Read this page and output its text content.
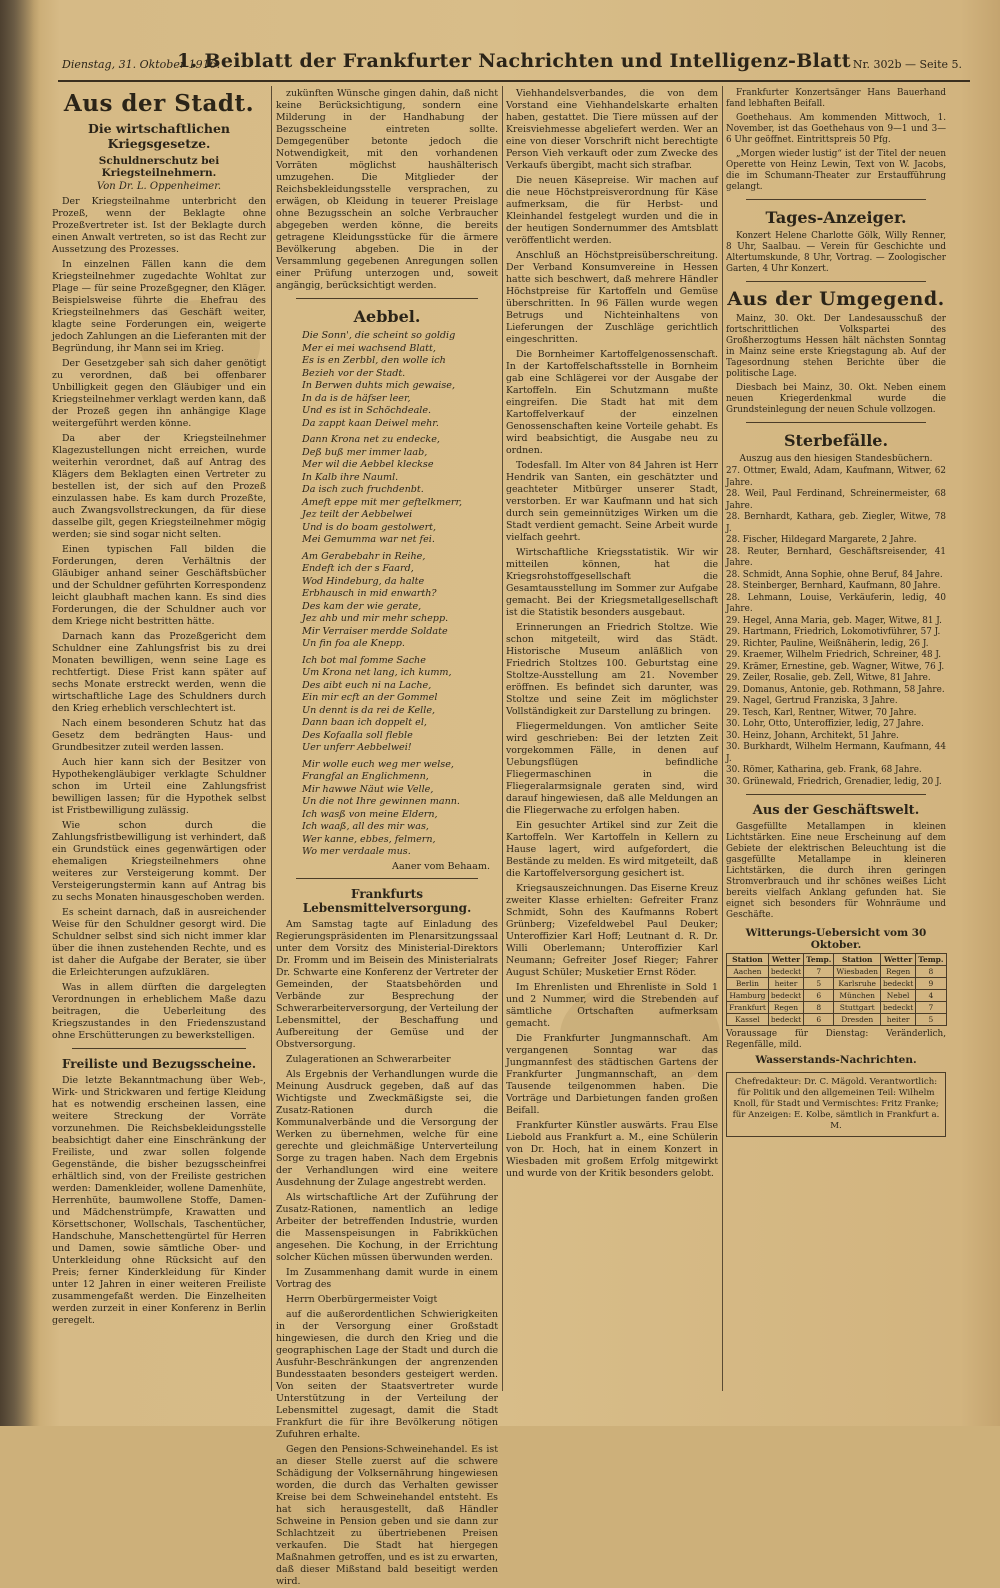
Dienstag, 31. Oktober 1916.
1. Beiblatt der Frankfurter Nachrichten und Intelligenz-Blatt Nr. 302b — Seite 5.
Aus der Stadt.
Die wirtschaftlichen Kriegsgesetze.
Schuldnerschutz bei Kriegsteilnehmern.
Von Dr. L. Oppenheimer.

Der Kriegsteilnahme unterbricht den Prozeß, wenn der Beklagte ohne Prozeßvertreter ist. Ist der Beklagte durch einen Anwalt vertreten, so ist das Recht zur Aussetzung des Prozesses.

In einzelnen Fällen kann die dem Kriegsteilnehmer zugedachte Wohltat zur Plage — für seine Prozeßgegner, den Kläger. Beispielsweise führte die Ehefrau des Kriegsteilnehmers das Geschäft weiter, klagte seine Forderungen ein, weigerte jedoch Zahlungen an die Lieferanten mit der Begründung, ihr Mann sei im Krieg.

Der Gesetzgeber sah sich daher genötigt zu verordnen, daß bei offenbarer Unbilligkeit gegen den Gläubiger und ein Kriegsteilnehmer verklagt werden kann, daß der Prozeß gegen ihn anhängige Klage weitergeführt werden könne.

Da aber der Kriegsteilnehmer Klagezustellungen nicht erreichen, wurde weiterhin verordnet, daß auf Antrag des Klägers dem Beklagten einen Vertreter zu bestellen ist, der sich auf den Prozeß einzulassen habe. Es kam durch Prozeßte, auch Zwangsvollstreckungen, da für diese dasselbe gilt, gegen Kriegsteilnehmer mögig werden; sie sind sogar nicht selten.

Einen typischen Fall bilden die Forderungen, deren Verhältnis der Gläubiger anhand seiner Geschäftsbücher und der Schuldner geführten Korrespondenz leicht glaubhaft machen kann. Es sind dies Forderungen, die der Schuldner auch vor dem Kriege nicht bestritten hätte.

Darnach kann das Prozeßgericht dem Schuldner eine Zahlungsfrist bis zu drei Monaten bewilligen, wenn seine Lage es rechtfertigt. Diese Frist kann später auf sechs Monate erstreckt werden, wenn die wirtschaftliche Lage des Schuldners durch den Krieg erheblich verschlechtert ist.

Nach einem besonderen Schutz hat das Gesetz dem bedrängten Haus- und Grundbesitzer zuteil werden lassen.

Auch hier kann sich der Besitzer von Hypothekengläubiger verklagte Schuldner schon im Urteil eine Zahlungsfrist bewilligen lassen; für die Hypothek selbst ist Fristbewilligung zulässig.

Wie schon durch die Zahlungsfristbewilligung ist verhindert, daß ein Grundstück eines gegenwärtigen oder ehemaligen Kriegsteilnehmers ohne weiteres zur Versteigerung kommt. Der Versteigerungstermin kann auf Antrag bis zu sechs Monaten hinausgeschoben werden.

Es scheint darnach, daß in ausreichender Weise für den Schuldner gesorgt wird. Die Schuldner selbst sind sich nicht immer klar über die ihnen zustehenden Rechte, und es ist daher die Aufgabe der Berater, sie über die Erleichterungen aufzuklären.

Was in allem dürften die dargelegten Verordnungen in erheblichem Maße dazu beitragen, die Ueberleitung des Kriegszustandes in den Friedenszustand ohne Erschütterungen zu bewerkstelligen.

Freiliste und Bezugsscheine.

Die letzte Bekanntmachung über Web-, Wirk- und Strickwaren und fertige Kleidung hat es notwendig erscheinen lassen, eine weitere Streckung der Vorräte vorzunehmen. Die Reichsbekleidungsstelle beabsichtigt daher eine Einschränkung der Freiliste, und zwar sollen folgende Gegenstände, die bisher bezugsscheinfrei erhältlich sind, von der Freiliste gestrichen werden: Damenkleider, wollene Damenhüte, Herrenhüte, baumwollene Stoffe, Damen- und Mädchenstrümpfe, Krawatten und Körsettschoner, Wollschals, Taschentücher, Handschuhe, Manschettengürtel für Herren und Damen, sowie sämtliche Ober- und Unterkleidung ohne Rücksicht auf den Preis; ferner Kinderkleidung für Kinder unter 12 Jahren in einer weiteren Freiliste zusammengefaßt werden. Die Einzelheiten werden zurzeit in einer Konferenz in Berlin geregelt.

zukünften Wünsche gingen dahin, daß nicht keine Berücksichtigung, sondern eine Milderung in der Handhabung der Bezugsscheine eintreten sollte. Demgegenüber betonte jedoch die Notwendigkeit, mit den vorhandenen Vorräten möglichst haushälterisch umzugehen. Die Mitglieder der Reichsbekleidungsstelle versprachen, zu erwägen, ob Kleidung in teuerer Preislage ohne Bezugsschein an solche Verbraucher abgegeben werden könne, die bereits getragene Kleidungsstücke für die ärmere Bevölkerung abgeben. Die in der Versammlung gegebenen Anregungen sollen einer Prüfung unterzogen und, soweit angängig, berücksichtigt werden.

Aebbel.
Die Sonn', die scheint so goldig
Mer ei mei wachsend Blatt,
Es is en Zerbbl, den wolle ich
Bezieh vor der Stadt.
In Berwen duhts mich gewaise,
In da is de häfser leer,
Und es ist in Schöchdeale.
Da zappt kaan Deiwel mehr.
Dann Krona net zu endecke,
Deß buß mer immer laab,
Mer wil die Aebbel kleckse
In Kalb ihre Nauml.
Da isch zuch fruchdenbt.
Ameft eppe mit mer geftelkmerr,
Jez teilt der Aebbelwei
Und is do boam gestolwert,
Mei Gemumma war net fei.
Am Gerabebahr in Reihe,
Endeft ich der s Faard,
Wod Hindeburg, da halte
Erbhausch in mid enwarth?
Des kam der wie gerate,
Jez ahb und mir mehr schepp.
Mir Verraiser merdde Soldate
Un fin foa ale Knepp.
Ich bot mal fomme Sache
Um Krona net lang, ich kumm,
Des aibt euch ni na Lache,
Ein mir ecft an der Gommel
Un dennt is da rei de Kelle,
Dann baan ich doppelt el,
Des Kofaalla soll fleble
Uer unferr Aebbelwei!
Mir wolle euch weg mer welse,
Frangfal an Englichmenn,
Mir hawwe Näut wie Velle,
Un die not Ihre gewinnen mann.
Ich wasß von meine Eldern,
Ich waaß, all des mir was,
Wer kanne, ebbes, felmern,
Wo mer verdaale mus.
Aaner vom Behaam.
Frankfurts Lebensmittelversorgung.

Am Samstag tagte auf Einladung des Regierungspräsidenten im Plenarsitzungssaal unter dem Vorsitz des Ministerial-Direktors Dr. Fromm und im Beisein des Ministerialrats Dr. Schwarte eine Konferenz der Vertreter der Gemeinden, der Staatsbehörden und Verbände zur Besprechung der Schwerarbeiterversorgung, der Verteilung der Lebensmittel, der Beschaffung und Aufbereitung der Gemüse und der Obstversorgung.

Zulagerationen an Schwerarbeiter

Als Ergebnis der Verhandlungen wurde die Meinung Ausdruck gegeben, daß auf das Wichtigste und Zweckmäßigste sei, die Zusatz-Rationen durch die Kommunalverbände und die Versorgung der Werken zu übernehmen, welche für eine gerechte und gleichmäßige Unterverteilung Sorge zu tragen haben. Nach dem Ergebnis der Verhandlungen wird eine weitere Ausdehnung der Zulage angestrebt werden.

Als wirtschaftliche Art der Zuführung der Zusatz-Rationen, namentlich an ledige Arbeiter der betreffenden Industrie, wurden die Massenspeisungen in Fabrikküchen angesehen. Die Kochung, in der Errichtung solcher Küchen müssen überwunden werden.

Im Zusammenhang damit wurde in einem Vortrag des

Herrn Oberbürgermeister Voigt

auf die außerordentlichen Schwierigkeiten in der Versorgung einer Großstadt hingewiesen, die durch den Krieg und die geographischen Lage der Stadt und durch die Ausfuhr-Beschränkungen der angrenzenden Bundesstaaten besonders gesteigert werden. Von seiten der Staatsvertreter wurde Unterstützung in der Verteilung der Lebensmittel zugesagt, damit die Stadt Frankfurt die für ihre Bevölkerung nötigen Zufuhren erhalte.

Gegen den Pensions-Schweinehandel. Es ist an dieser Stelle zuerst auf die schwere Schädigung der Volksernährung hingewiesen worden, die durch das Verhalten gewisser Kreise bei dem Schweinehandel entsteht. Es hat sich herausgestellt, daß Händler Schweine in Pension geben und sie dann zur Schlachtzeit zu übertriebenen Preisen verkaufen. Die Stadt hat hiergegen Maßnahmen getroffen, und es ist zu erwarten, daß dieser Mißstand bald beseitigt werden wird.

Viehhandelsverbandes, die von dem Vorstand eine Viehhandelskarte erhalten haben, gestattet. Die Tiere müssen auf der Kreisviehmesse abgeliefert werden. Wer an eine von dieser Vorschrift nicht berechtigte Person Vieh verkauft oder zum Zwecke des Verkaufs übergibt, macht sich strafbar.

Die neuen Käsepreise. Wir machen auf die neue Höchstpreisverordnung für Käse aufmerksam, die für Herbst- und Kleinhandel festgelegt wurden und die in der heutigen Sondernummer des Amtsblatt veröffentlicht werden.

Anschluß an Höchstpreisüberschreitung. Der Verband Konsumvereine in Hessen hatte sich beschwert, daß mehrere Händler Höchstpreise für Kartoffeln und Gemüse überschritten. In 96 Fällen wurde wegen Betrugs und Nichteinhaltens von Lieferungen der Zuschläge gerichtlich eingeschritten.

Die Bornheimer Kartoffelgenossenschaft. In der Kartoffelschaftsstelle in Bornheim gab eine Schlägerei vor der Ausgabe der Kartoffeln. Ein Schutzmann mußte eingreifen. Die Stadt hat mit dem Kartoffelverkauf der einzelnen Genossenschaften keine Vorteile gehabt. Es wird beabsichtigt, die Ausgabe neu zu ordnen.

Todesfall. Im Alter von 84 Jahren ist Herr Hendrik van Santen, ein geschätzter und geachteter Mitbürger unserer Stadt, verstorben. Er war Kaufmann und hat sich durch sein gemeinnütziges Wirken um die Stadt verdient gemacht. Seine Arbeit wurde vielfach geehrt.

Wirtschaftliche Kriegsstatistik. Wir wir mitteilen können, hat die Kriegsrohstoffgesellschaft die Gesamtausstellung im Sommer zur Aufgabe gemacht. Bei der Kriegsmetallgesellschaft ist die Statistik besonders ausgebaut.

Erinnerungen an Friedrich Stoltze. Wie schon mitgeteilt, wird das Städt. Historische Museum anläßlich von Friedrich Stoltzes 100. Geburtstag eine Stoltze-Ausstellung am 21. November eröffnen. Es befindet sich darunter, was Stoltze und seine Zeit im möglichster Vollständigkeit zur Darstellung zu bringen.

Fliegermeldungen. Von amtlicher Seite wird geschrieben: Bei der letzten Zeit vorgekommen Fälle, in denen auf Uebungsflügen befindliche Fliegermaschinen in die Fliegeralarmsignale geraten sind, wird darauf hingewiesen, daß alle Meldungen an die Fliegerwache zu erfolgen haben.

Ein gesuchter Artikel sind zur Zeit die Kartoffeln. Wer Kartoffeln in Kellern zu Hause lagert, wird aufgefordert, die Bestände zu melden. Es wird mitgeteilt, daß die Kartoffelversorgung gesichert ist.

Kriegsauszeichnungen. Das Eiserne Kreuz zweiter Klasse erhielten: Gefreiter Franz Schmidt, Sohn des Kaufmanns Robert Grünberg; Vizefeldwebel Paul Deuker; Unteroffizier Karl Hoff; Leutnant d. R. Dr. Willi Oberlemann; Unteroffizier Karl Neumann; Gefreiter Josef Rieger; Fahrer August Schüler; Musketier Ernst Röder.

Im Ehrenlisten und Ehrenliste in Sold 1 und 2 Nummer, wird die Strebenden auf sämtliche Ortschaften aufmerksam gemacht.

Die Frankfurter Jungmannschaft. Am vergangenen Sonntag war das Jungmannfest des städtischen Gartens der Frankfurter Jungmannschaft, an dem Tausende teilgenommen haben. Die Vorträge und Darbietungen fanden großen Beifall.

Frankfurter Künstler auswärts. Frau Else Liebold aus Frankfurt a. M., eine Schülerin von Dr. Hoch, hat in einem Konzert in Wiesbaden mit großem Erfolg mitgewirkt und wurde von der Kritik besonders gelobt.

Frankfurter Konzertsänger Hans Bauerhand fand lebhaften Beifall.

Goethehaus. Am kommenden Mittwoch, 1. November, ist das Goethehaus von 9—1 und 3—6 Uhr geöffnet. Eintrittspreis 50 Pfg.

„Morgen wieder lustig“ ist der Titel der neuen Operette von Heinz Lewin, Text von W. Jacobs, die im Schumann-Theater zur Erstaufführung gelangt.

Tages-Anzeiger.

Konzert Helene Charlotte Gölk, Willy Renner, 8 Uhr, Saalbau. — Verein für Geschichte und Altertumskunde, 8 Uhr, Vortrag. — Zoologischer Garten, 4 Uhr Konzert.

Aus der Umgegend.

Mainz, 30. Okt. Der Landesausschuß der fortschrittlichen Volkspartei des Großherzogtums Hessen hält nächsten Sonntag in Mainz seine erste Kriegstagung ab. Auf der Tagesordnung stehen Berichte über die politische Lage.

Diesbach bei Mainz, 30. Okt. Neben einem neuen Kriegerdenkmal wurde die Grundsteinlegung der neuen Schule vollzogen.

Sterbefälle.
Auszug aus den hiesigen Standesbüchern.

27. Ottmer, Ewald, Adam, Kaufmann, Witwer, 62 Jahre.

28. Weil, Paul Ferdinand, Schreinermeister, 68 Jahre.

28. Bernhardt, Kathara, geb. Ziegler, Witwe, 78 J.

28. Fischer, Hildegard Margarete, 2 Jahre.

28. Reuter, Bernhard, Geschäftsreisender, 41 Jahre.

28. Schmidt, Anna Sophie, ohne Beruf, 84 Jahre.

28. Steinberger, Bernhard, Kaufmann, 80 Jahre.

28. Lehmann, Louise, Verkäuferin, ledig, 40 Jahre.

29. Hegel, Anna Maria, geb. Mager, Witwe, 81 J.

29. Hartmann, Friedrich, Lokomotivführer, 57 J.

29. Richter, Pauline, Weißnäherin, ledig, 26 J.

29. Kraemer, Wilhelm Friedrich, Schreiner, 48 J.

29. Krämer, Ernestine, geb. Wagner, Witwe, 76 J.

29. Zeiler, Rosalie, geb. Zell, Witwe, 81 Jahre.

29. Domanus, Antonie, geb. Rothmann, 58 Jahre.

29. Nagel, Gertrud Franziska, 3 Jahre.

29. Tesch, Karl, Rentner, Witwer, 70 Jahre.

30. Lohr, Otto, Unteroffizier, ledig, 27 Jahre.

30. Heinz, Johann, Architekt, 51 Jahre.

30. Burkhardt, Wilhelm Hermann, Kaufmann, 44 J.

30. Römer, Katharina, geb. Frank, 68 Jahre.

30. Grünewald, Friedrich, Grenadier, ledig, 20 J.

Aus der Geschäftswelt.

Gasgefüllte Metallampen in kleinen Lichtstärken. Eine neue Erscheinung auf dem Gebiete der elektrischen Beleuchtung ist die gasgefüllte Metallampe in kleineren Lichtstärken, die durch ihren geringen Stromverbrauch und ihr schönes weißes Licht bereits vielfach Anklang gefunden hat. Sie eignet sich besonders für Wohnräume und Geschäfte.

Witterungs-Uebersicht vom 30 Oktober.
Station	Wetter	Temp.	Station	Wetter	Temp.
Aachen	bedeckt	7	Wiesbaden	Regen	8
Berlin	heiter	5	Karlsruhe	bedeckt	9
Hamburg	bedeckt	6	München	Nebel	4
Frankfurt	Regen	8	Stuttgart	bedeckt	7
Kassel	bedeckt	6	Dresden	heiter	5

Voraussage für Dienstag: Veränderlich, Regenfälle, mild.

Wasserstands-Nachrichten.
Chefredakteur: Dr. C. Mägold. Verantwortlich: für Politik und den allgemeinen Teil: Wilhelm Knoll, für Stadt und Vermischtes: Fritz Franke; für Anzeigen: E. Kolbe, sämtlich in Frankfurt a. M.
